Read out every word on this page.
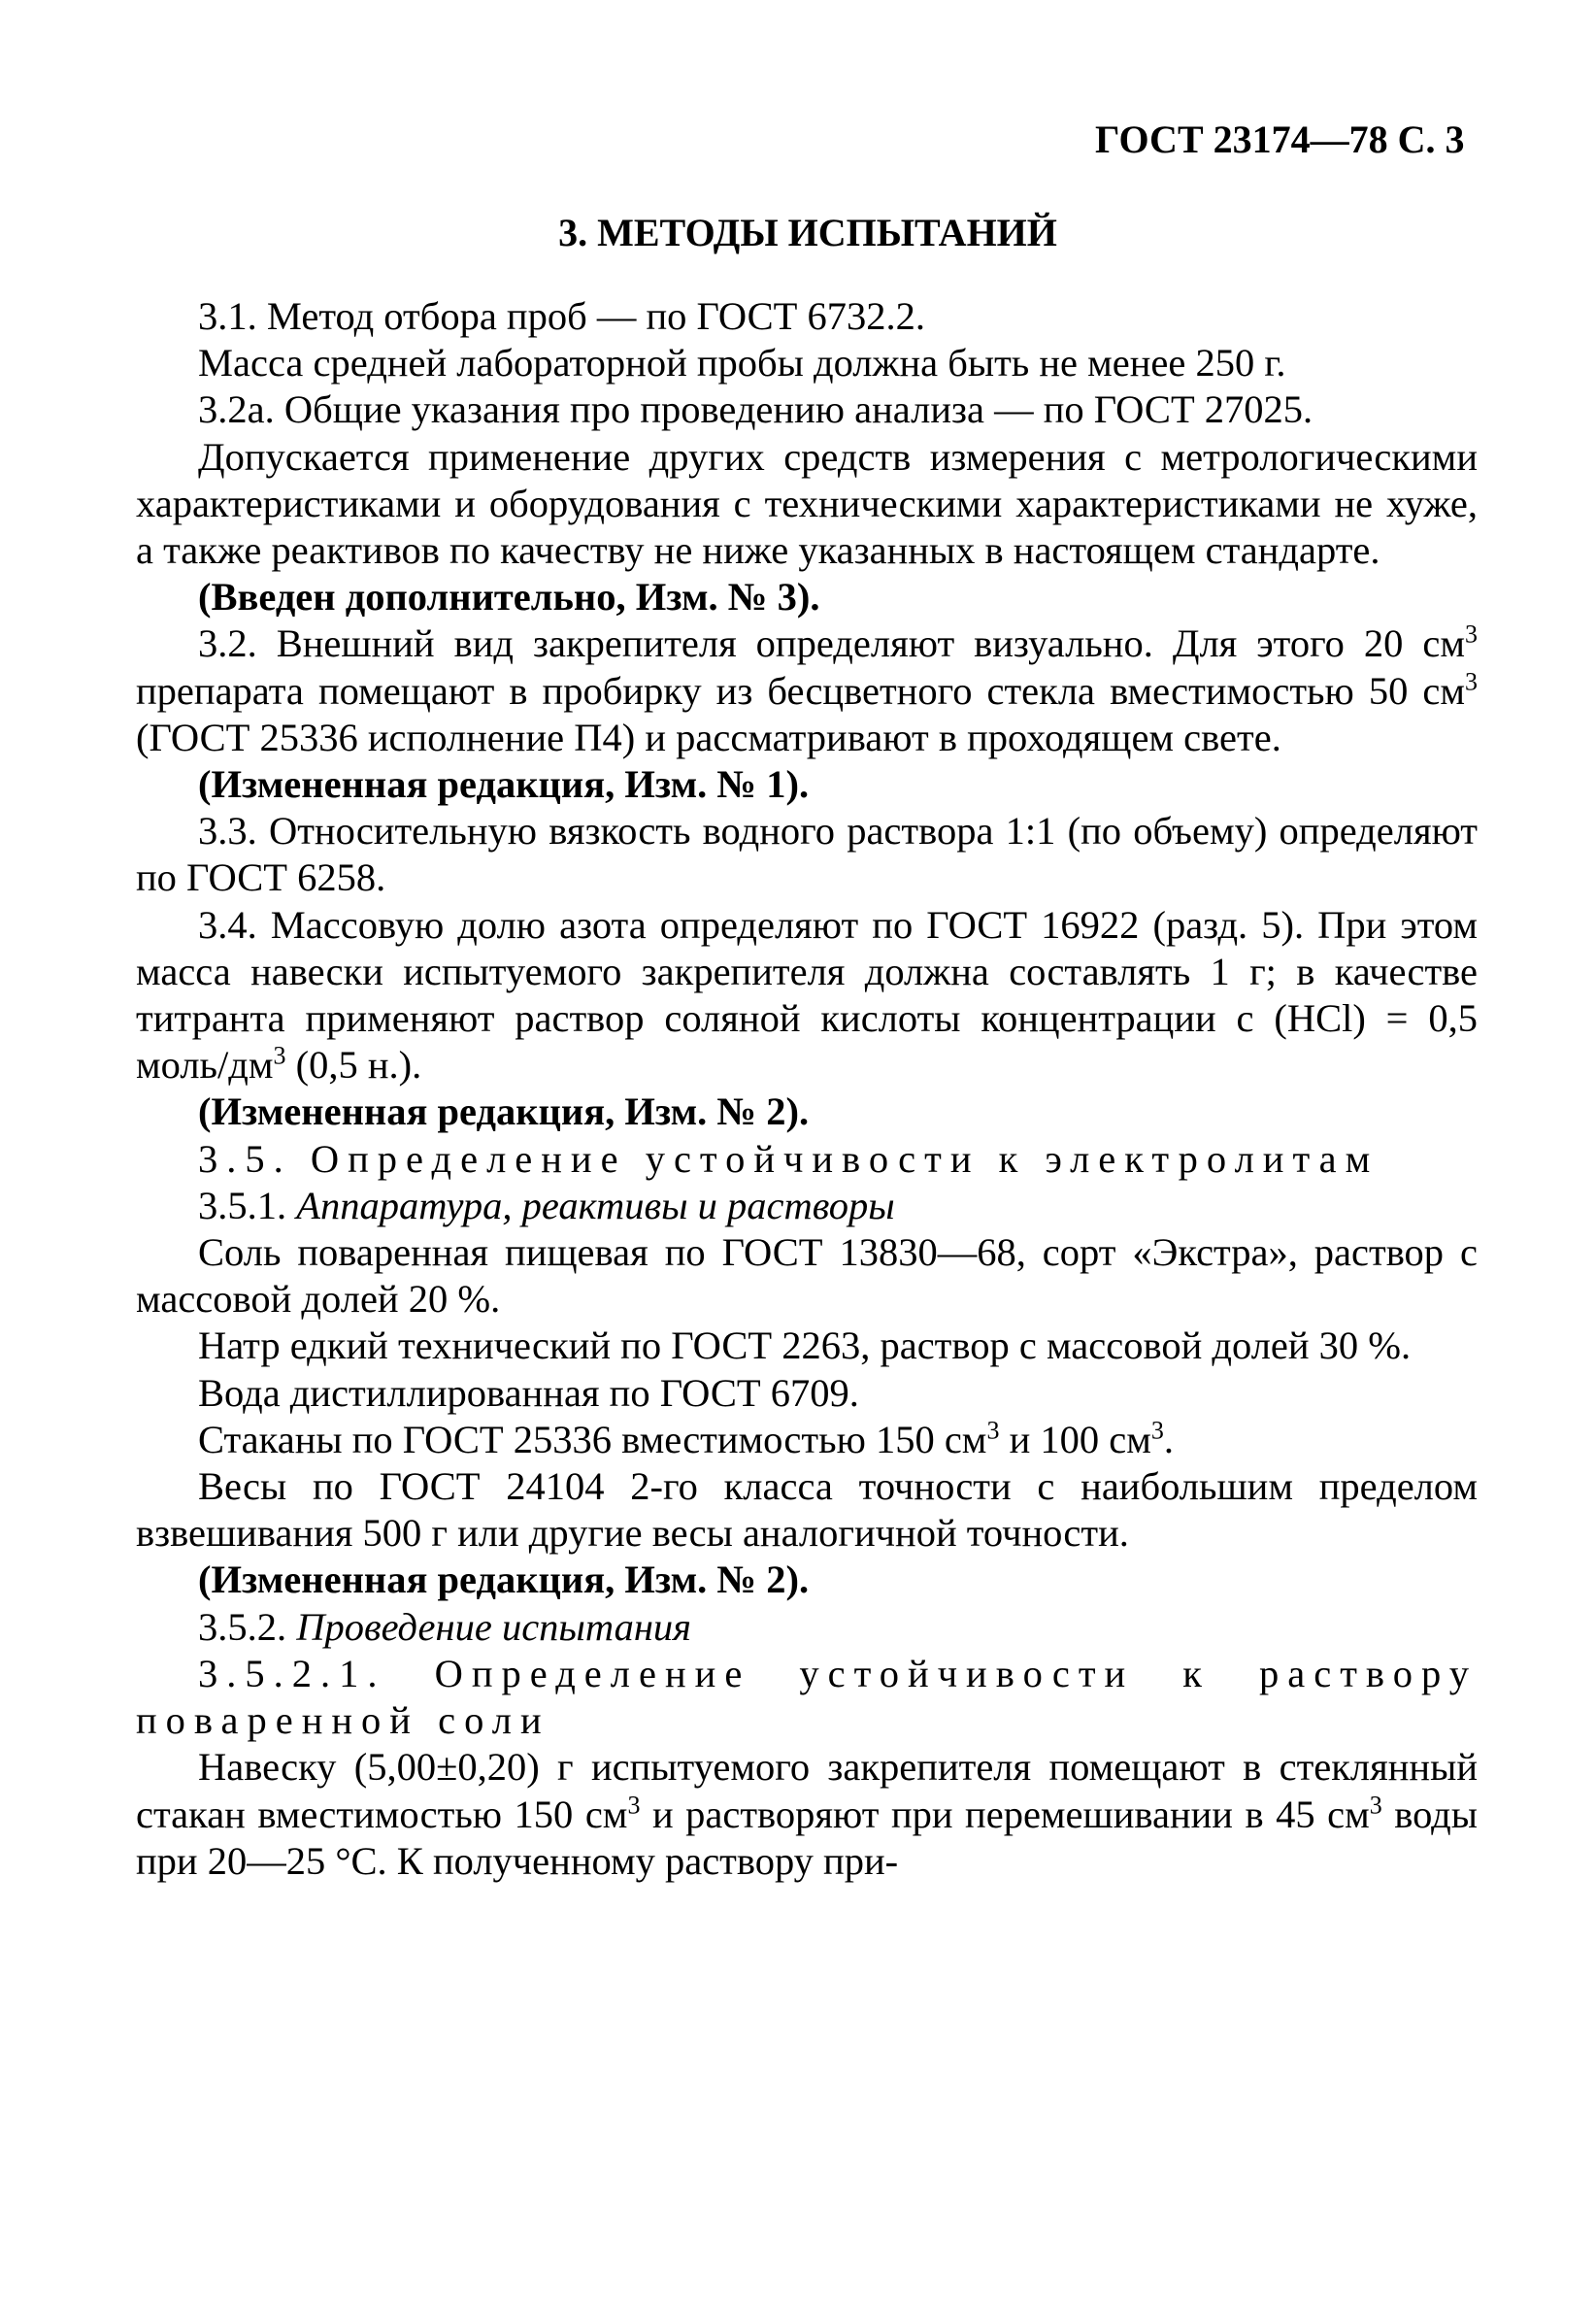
ГОСТ 23174—78 С. 3
3. МЕТОДЫ ИСПЫТАНИЙ

3.1. Метод отбора проб — по ГОСТ 6732.2.

Масса средней лабораторной пробы должна быть не менее 250 г.

3.2а. Общие указания про проведению анализа — по ГОСТ 27025.

Допускается применение других средств измерения с метрологическими характеристиками и оборудования с техническими характеристиками не хуже, а также реактивов по качеству не ниже указанных в настоящем стандарте.

(Введен дополнительно, Изм. № 3).

3.2. Внешний вид закрепителя определяют визуально. Для этого 20 $см^3$ препарата помещают в пробирку из бесцветного стекла вместимостью 50 $см^3$ (ГОСТ 25336 исполнение П4) и рассматривают в проходящем свете.

(Измененная редакция, Изм. № 1).

3.3. Относительную вязкость водного раствора 1:1 (по объему) определяют по ГОСТ 6258.

3.4. Массовую долю азота определяют по ГОСТ 16922 (разд. 5). При этом масса навески испытуемого закрепителя должна составлять 1 г; в качестве титранта применяют раствор соляной кислоты концентрации с (HCl) = 0,5 моль/$дм^3$ (0,5 н.).

(Измененная редакция, Изм. № 2).

3.5. Определение устойчивости к электролитам

3.5.1. Аппаратура, реактивы и растворы

Соль поваренная пищевая по ГОСТ 13830—68, сорт «Экстра», раствор с массовой долей 20 %.

Натр едкий технический по ГОСТ 2263, раствор с массовой долей 30 %.

Вода дистиллированная по ГОСТ 6709.

Стаканы по ГОСТ 25336 вместимостью 150 $см^3$ и 100 $см^3$.

Весы по ГОСТ 24104 2-го класса точности с наибольшим пределом взвешивания 500 г или другие весы аналогичной точности.

(Измененная редакция, Изм. № 2).

3.5.2. Проведение испытания

3.5.2.1. Определение устойчивости к раствору поваренной соли

Навеску (5,00±0,20) г испытуемого закрепителя помещают в стеклянный стакан вместимостью 150 $см^3$ и растворяют при перемешивании в 45 $см^3$ воды при 20—25 °С. К полученному раствору при-
